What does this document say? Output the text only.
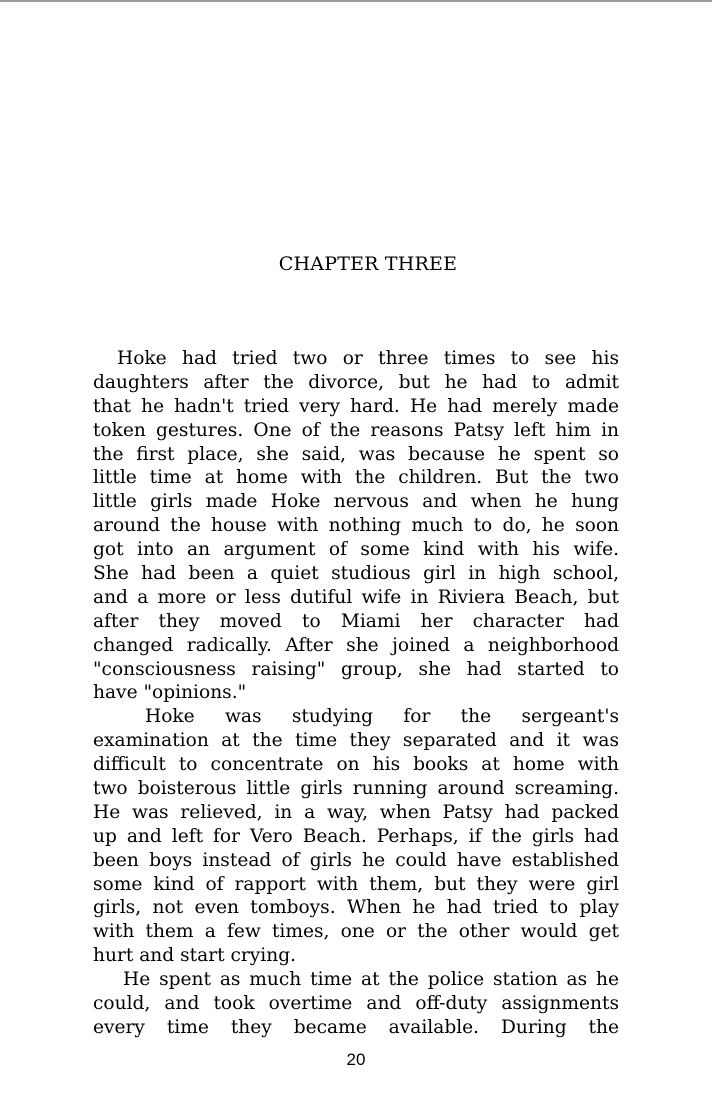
CHAPTER THREE
Hoke had tried two or three times to see his
daughters after the divorce, but he had to admit
that he hadn't tried very hard. He had merely made
token gestures. One of the reasons Patsy left him in
the first place, she said, was because he spent so
little time at home with the children. But the two
little girls made Hoke nervous and when he hung
around the house with nothing much to do, he soon
got into an argument of some kind with his wife.
She had been a quiet studious girl in high school,
and a more or less dutiful wife in Riviera Beach, but
after they moved to Miami her character had
changed radically. After she joined a neighborhood
"consciousness raising" group, she had started to
have "opinions."
Hoke was studying for the sergeant's
examination at the time they separated and it was
difficult to concentrate on his books at home with
two boisterous little girls running around screaming.
He was relieved, in a way, when Patsy had packed
up and left for Vero Beach. Perhaps, if the girls had
been boys instead of girls he could have established
some kind of rapport with them, but they were girl
girls, not even tomboys. When he had tried to play
with them a few times, one or the other would get
hurt and start crying.
He spent as much time at the police station as he
could, and took overtime and off-duty assignments
every time they became available. During the
20
